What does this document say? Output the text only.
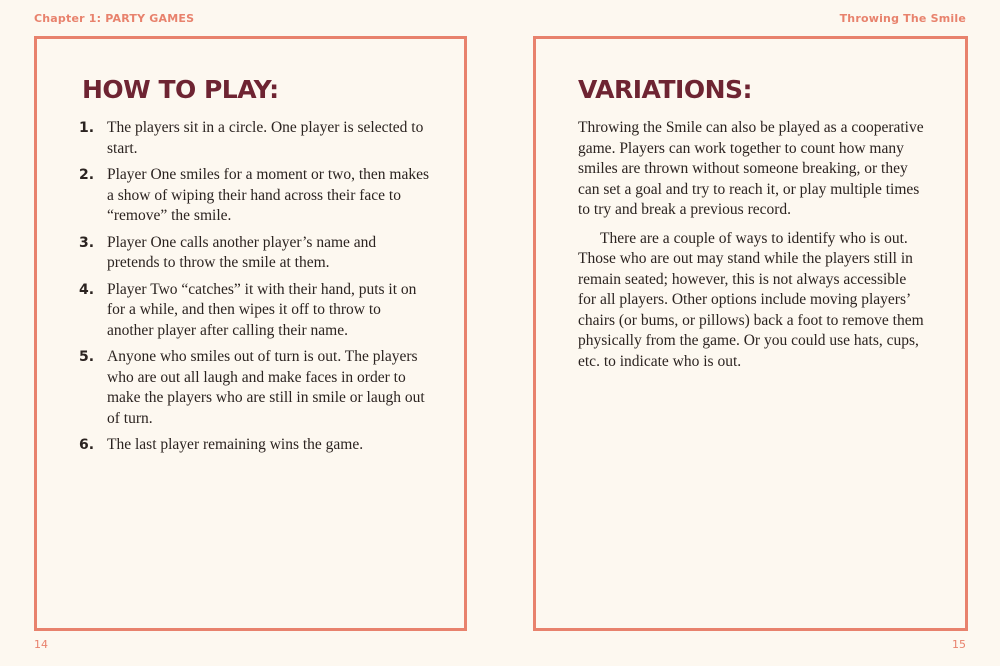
Chapter 1: PARTY GAMES	Throwing The Smile
HOW TO PLAY:
1. The players sit in a circle. One player is selected to start.
2. Player One smiles for a moment or two, then makes a show of wiping their hand across their face to “remove” the smile.
3. Player One calls another player’s name and pretends to throw the smile at them.
4. Player Two “catches” it with their hand, puts it on for a while, and then wipes it off to throw to another player after calling their name.
5. Anyone who smiles out of turn is out. The players who are out all laugh and make faces in order to make the players who are still in smile or laugh out of turn.
6. The last player remaining wins the game.
VARIATIONS:

Throwing the Smile can also be played as a cooperative game. Players can work together to count how many smiles are thrown without someone breaking, or they can set a goal and try to reach it, or play multiple times to try and break a previous record.

There are a couple of ways to identify who is out. Those who are out may stand while the players still in remain seated; however, this is not always accessible for all players. Other options include moving players’ chairs (or bums, or pillows) back a foot to remove them physically from the game. Or you could use hats, cups, etc. to indicate who is out.

14	15
